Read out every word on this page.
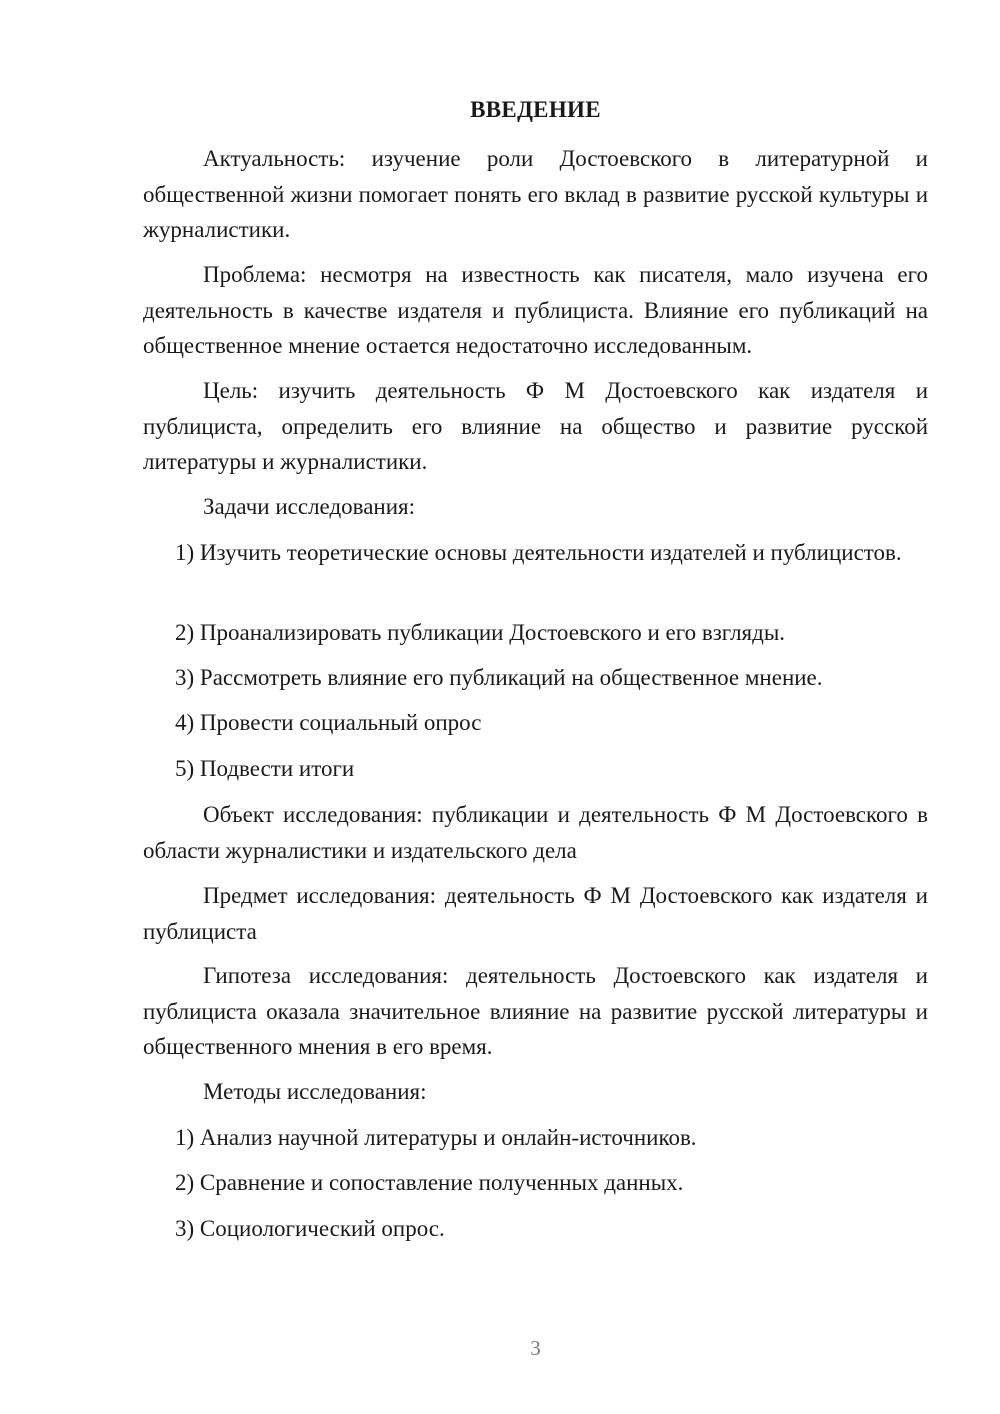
ВВЕДЕНИЕ

Актуальность: изучение роли Достоевского в литературной и общественной жизни помогает понять его вклад в развитие русской культуры и журналистики.

Проблема: несмотря на известность как писателя, мало изучена его деятельность в качестве издателя и публициста. Влияние его публикаций на общественное мнение остается недостаточно исследованным.

Цель: изучить деятельность Ф М Достоевского как издателя и публициста, определить его влияние на общество и развитие русской литературы и журналистики.

Задачи исследования:

1) Изучить теоретические основы деятельности издателей и публицистов.

2) Проанализировать публикации Достоевского и его взгляды.

3) Рассмотреть влияние его публикаций на общественное мнение.

4) Провести социальный опрос

5) Подвести итоги

Объект исследования: публикации и деятельность Ф М Достоевского в области журналистики и издательского дела

Предмет исследования: деятельность Ф М Достоевского как издателя и публициста

Гипотеза исследования: деятельность Достоевского как издателя и публициста оказала значительное влияние на развитие русской литературы и общественного мнения в его время.

Методы исследования:

1) Анализ научной литературы и онлайн-источников.

2) Сравнение и сопоставление полученных данных.

3) Социологический опрос.

3
